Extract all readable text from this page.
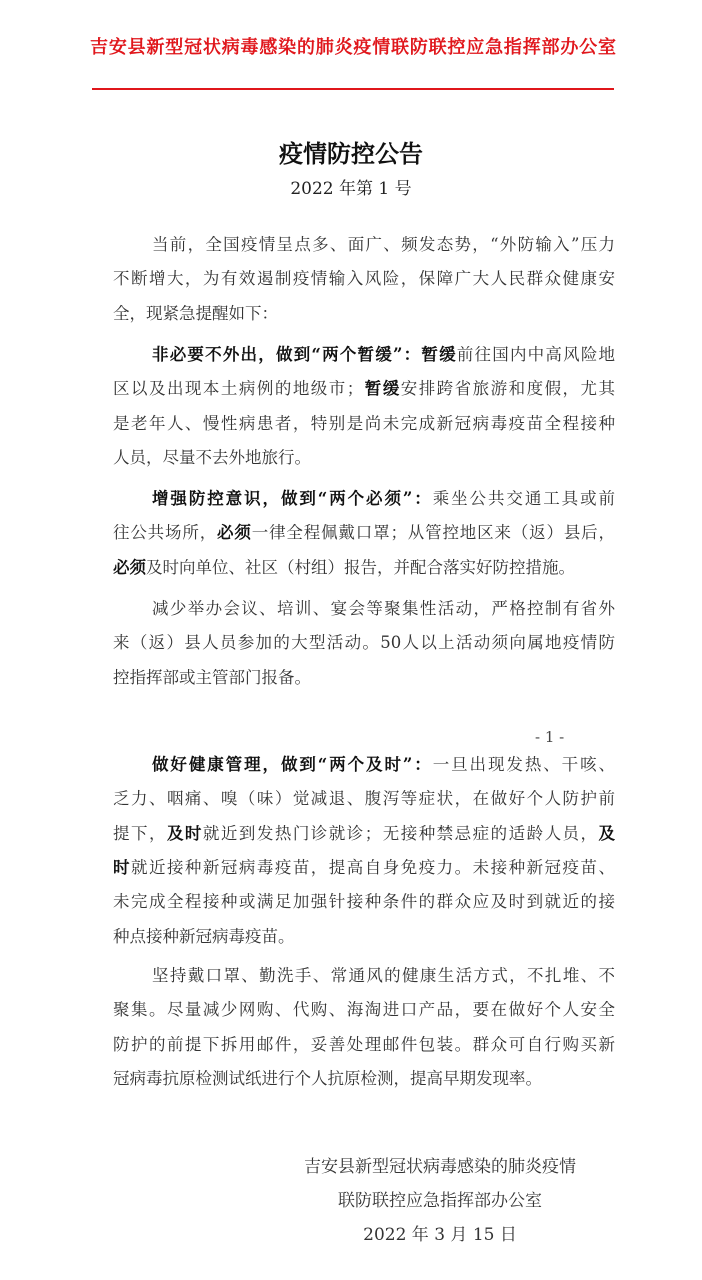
吉安县新型冠状病毒感染的肺炎疫情联防联控应急指挥部办公室
疫情防控公告
2022 年第 1 号
当前，全国疫情呈点多、面广、频发态势，“外防输入”压力
不断增大，为有效遏制疫情输入风险，保障广大人民群众健康安
全，现紧急提醒如下：
非必要不外出，做到“两个暂缓”：暂缓前往国内中高风险地
区以及出现本土病例的地级市；暂缓安排跨省旅游和度假，尤其
是老年人、慢性病患者，特别是尚未完成新冠病毒疫苗全程接种
人员，尽量不去外地旅行。
增强防控意识，做到“两个必须”：乘坐公共交通工具或前
往公共场所，必须一律全程佩戴口罩；从管控地区来（返）县后，
必须及时向单位、社区（村组）报告，并配合落实好防控措施。
减少举办会议、培训、宴会等聚集性活动，严格控制有省外
来（返）县人员参加的大型活动。50人以上活动须向属地疫情防
控指挥部或主管部门报备。
做好健康管理，做到“两个及时”：一旦出现发热、干咳、
乏力、咽痛、嗅（味）觉减退、腹泻等症状，在做好个人防护前
提下，及时就近到发热门诊就诊；无接种禁忌症的适龄人员，及
时就近接种新冠病毒疫苗，提高自身免疫力。未接种新冠疫苗、
未完成全程接种或满足加强针接种条件的群众应及时到就近的接
种点接种新冠病毒疫苗。
坚持戴口罩、勤洗手、常通风的健康生活方式，不扎堆、不
聚集。尽量减少网购、代购、海淘进口产品，要在做好个人安全
防护的前提下拆用邮件，妥善处理邮件包装。群众可自行购买新
冠病毒抗原检测试纸进行个人抗原检测，提高早期发现率。
- 1 -
吉安县新型冠状病毒感染的肺炎疫情
联防联控应急指挥部办公室
2022 年 3 月 15 日
